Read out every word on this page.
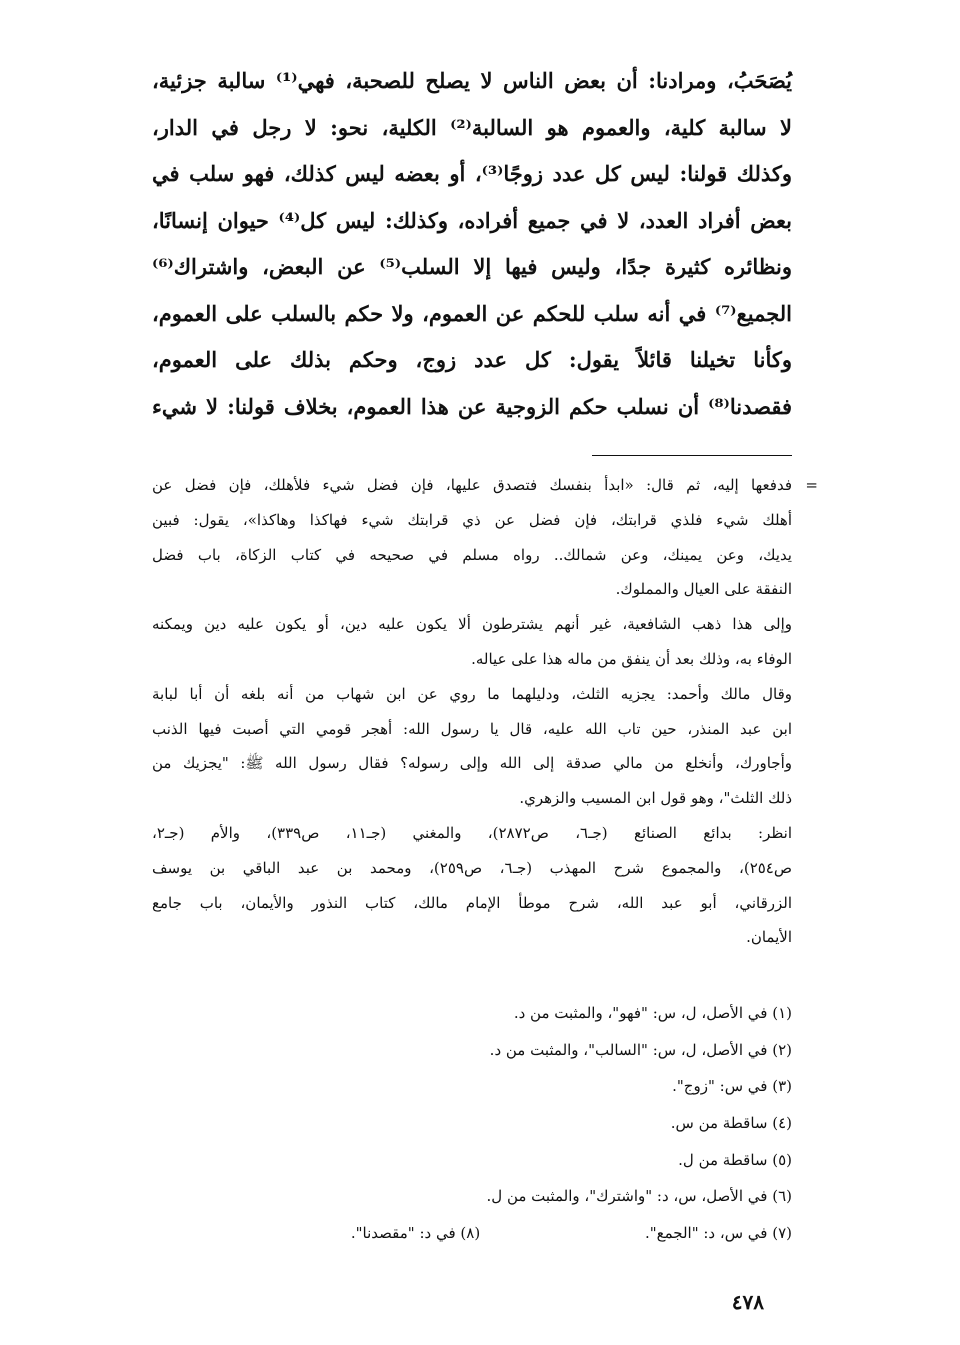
يُصَحَبُ، ومرادنا: أن بعض الناس لا يصلح للصحبة، فهي⁽¹⁾ سالبة جزئية،
لا سالبة كلية، والعموم هو السالبة⁽²⁾ الكلية، نحو: لا رجل في الدار،
وكذلك قولنا: ليس كل عدد زوجًا⁽³⁾، أو بعضه ليس كذلك، فهو سلب في
بعض أفراد العدد، لا في جميع أفراده، وكذلك: ليس كل⁽⁴⁾ حيوان إنسانًا،
ونظائره كثيرة جدًا، وليس فيها إلا السلب⁽⁵⁾ عن البعض، واشتراك⁽⁶⁾
الجميع⁽⁷⁾ في أنه سلب للحكم عن العموم، ولا حكم بالسلب على العموم،
وكأنا تخيلنا قائلاً يقول: كل عدد زوج، وحكم بذلك على العموم،
فقصدنا⁽⁸⁾ أن نسلب حكم الزوجية عن هذا العموم، بخلاف قولنا: لا شيء
=
فدفعها إليه، ثم قال: «ابدأ بنفسك فتصدق عليها، فإن فضل شيء فلأهلك، فإن فضل عن
أهلك شيء فلذي قرابتك، فإن فضل عن ذي قرابتك شيء فهاكذا وهاكذا»، يقول: فبين
يديك، وعن يمينك، وعن شمالك.. رواه مسلم في صحيحه في كتاب الزكاة، باب فضل
النفقة على العيال والمملوك.
وإلى هذا ذهب الشافعية، غير أنهم يشترطون ألا يكون عليه دين، أو يكون عليه دين ويمكنه
الوفاء به، وذلك بعد أن ينفق من ماله هذا على عياله.
وقال مالك وأحمد: يجزيه الثلث، ودليلهما ما روي عن ابن شهاب من أنه بلغه أن أبا لبابة
ابن عبد المنذر، حين تاب الله عليه، قال يا رسول الله: أهجر قومي التي أصبت فيها الذنب
وأجاورك، وأنخلع من مالي صدقة إلى الله وإلى رسوله؟ فقال رسول الله ﷺ: "يجزيك من
ذلك الثلث"، وهو قول ابن المسيب والزهري.
انظر: بدائع الصنائع (جـ٦، ص٢٨٧٢)، والمغني (جـ١١، ص٣٣٩)، والأم (جـ٢،
ص٢٥٤)، والمجموع شرح المهذب (جـ٦، ص٢٥٩)، ومحمد بن عبد الباقي بن يوسف
الزرقاني، أبو عبد الله، شرح موطأ الإمام مالك، كتاب النذور والأيمان، باب جامع
الأيمان.
(١) في الأصل، ل، س: "فهو"، والمثبت من د.
(٢) في الأصل، ل، س: "السالب"، والمثبت من د.
(٣) في س: "زوج".
(٤) ساقطة من س.
(٥) ساقطة من ل.
(٦) في الأصل، س، د: "واشترك"، والمثبت من ل.
(٧) في س، د: "الجمع". (٨) في د: "مقصدنا".
٤٧٨
